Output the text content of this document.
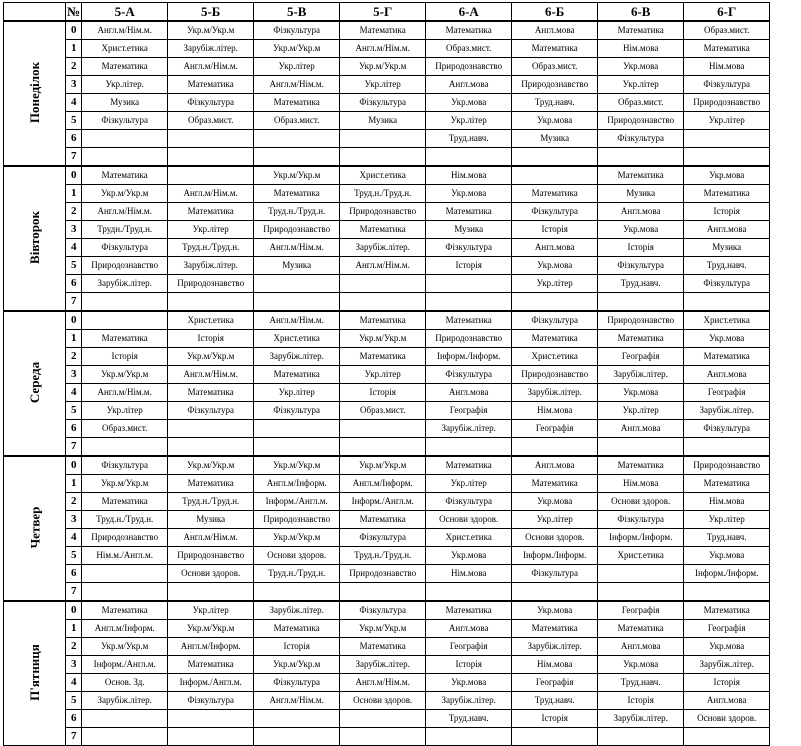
	№	5-А	5-Б	5-В	5-Г	6-А	6-Б	6-В	6-Г
Понеділок	0	Англ.м/Нім.м.	Укр.м/Укр.м	Фізкультура	Математика	Математика	Англ.мова	Математика	Образ.мист.
	1	Христ.етика	Зарубіж.літер.	Укр.м/Укр.м	Англ.м/Нім.м.	Образ.мист.	Математика	Нім.мова	Математика
	2	Математика	Англ.м/Нім.м.	Укр.літер	Укр.м/Укр.м	Природознавство	Образ.мист.	Укр.мова	Нім.мова
	3	Укр.літер.	Математика	Англ.м/Нім.м.	Укр.літер	Англ.мова	Природознавство	Укр.літер	Фізкультура
	4	Музика	Фізкультура	Математика	Фізкультура	Укр.мова	Труд.навч.	Образ.мист.	Природознавство
	5	Фізкультура	Образ.мист.	Образ.мист.	Музика	Укр.літер	Укр.мова	Природознавство	Укр.літер
	6					Труд.навч.	Музика	Фізкультура	
	7								
Вівторок	0	Математика		Укр.м/Укр.м	Христ.етика	Нім.мова		Математика	Укр.мова
	1	Укр.м/Укр.м	Англ.м/Нім.м.	Математика	Труд.н./Труд.н.	Укр.мова	Математика	Музика	Математика
	2	Англ.м/Нім.м.	Математика	Труд.н./Труд.н.	Природознавство	Математика	Фізкультура	Англ.мова	Історія
	3	Трудн./Труд.н.	Укр.літер	Природознавство	Математика	Музика	Історія	Укр.мова	Англ.мова
	4	Фізкультура	Труд.н./Труд.н.	Англ.м/Нім.м.	Зарубіж.літер.	Фізкультура	Англ.мова	Історія	Музика
	5	Природознавство	Зарубіж.літер.	Музика	Англ.м/Нім.м.	Історія	Укр.мова	Фізкультура	Труд.навч.
	6	Зарубіж.літер.	Природознавство				Укр.літер	Труд.навч.	Фізкультура
	7								
Середа	0		Христ.етика	Англ.м/Нім.м.	Математика	Математика	Фізкультура	Природознавство	Христ.етика
	1	Математика	Історія	Христ.етика	Укр.м/Укр.м	Природознавство	Математика	Математика	Укр.мова
	2	Історія	Укр.м/Укр.м	Зарубіж.літер.	Математика	Інформ./Інформ.	Христ.етика	Географія	Математика
	3	Укр.м/Укр.м	Англ.м/Нім.м.	Математика	Укр.літер	Фізкультура	Природознавство	Зарубіж.літер.	Англ.мова
	4	Англ.м/Нім.м.	Математика	Укр.літер	Історія	Англ.мова	Зарубіж.літер.	Укр.мова	Географія
	5	Укр.літер	Фізкультура	Фізкультура	Образ.мист.	Географія	Нім.мова	Укр.літер	Зарубіж.літер.
	6	Образ.мист.				Зарубіж.літер.	Географія	Англ.мова	Фізкультура
	7								
Четвер	0	Фізкультура	Укр.м/Укр.м	Укр.м/Укр.м	Укр.м/Укр.м	Математика	Англ.мова	Математика	Природознавство
	1	Укр.м/Укр.м	Математика	Англ.м/Інформ.	Англ.м/Інформ.	Укр.літер	Математика	Нім.мова	Математика
	2	Математика	Труд.н./Труд.н.	Інформ./Англ.м.	Інформ./Англ.м.	Фізкультура	Укр.мова	Основи здоров.	Нім.мова
	3	Труд.н./Труд.н.	Музика	Природознавство	Математика	Основи здоров.	Укр.літер	Фізкультура	Укр.літер
	4	Природознавство	Англ.м/Нім.м.	Укр.м/Укр.м	Фізкультура	Христ.етика	Основи здоров.	Інформ./Інформ.	Труд.навч.
	5	Нім.м./Англ.м.	Природознавство	Основи здоров.	Труд.н./Труд.н.	Укр.мова	Інформ./Інформ.	Христ.етика	Укр.мова
	6		Основи здоров.	Труд.н./Труд.н.	Природознавство	Нім.мова	Фізкультура		Інформ./Інформ.
	7								
П'ятниця	0	Математика	Укр.літер	Зарубіж.літер.	Фізкультура	Математика	Укр.мова	Географія	Математика
	1	Англ.м/Інформ.	Укр.м/Укр.м	Математика	Укр.м/Укр.м	Англ.мова	Математика	Математика	Географія
	2	Укр.м/Укр.м	Англ.м/Інформ.	Історія	Математика	Географія	Зарубіж.літер.	Англ.мова	Укр.мова
	3	Інформ./Англ.м.	Математика	Укр.м/Укр.м	Зарубіж.літер.	Історія	Нім.мова	Укр.мова	Зарубіж.літер.
	4	Основ. Зд.	Інформ./Англ.м.	Фізкультура	Англ.м/Нім.м.	Укр.мова	Географія	Труд.навч.	Історія
	5	Зарубіж.літер.	Фізкультура	Англ.м/Нім.м.	Основи здоров.	Зарубіж.літер.	Труд.навч.	Історія	Англ.мова
	6					Труд.навч.	Історія	Зарубіж.літер.	Основи здоров.
	7								
